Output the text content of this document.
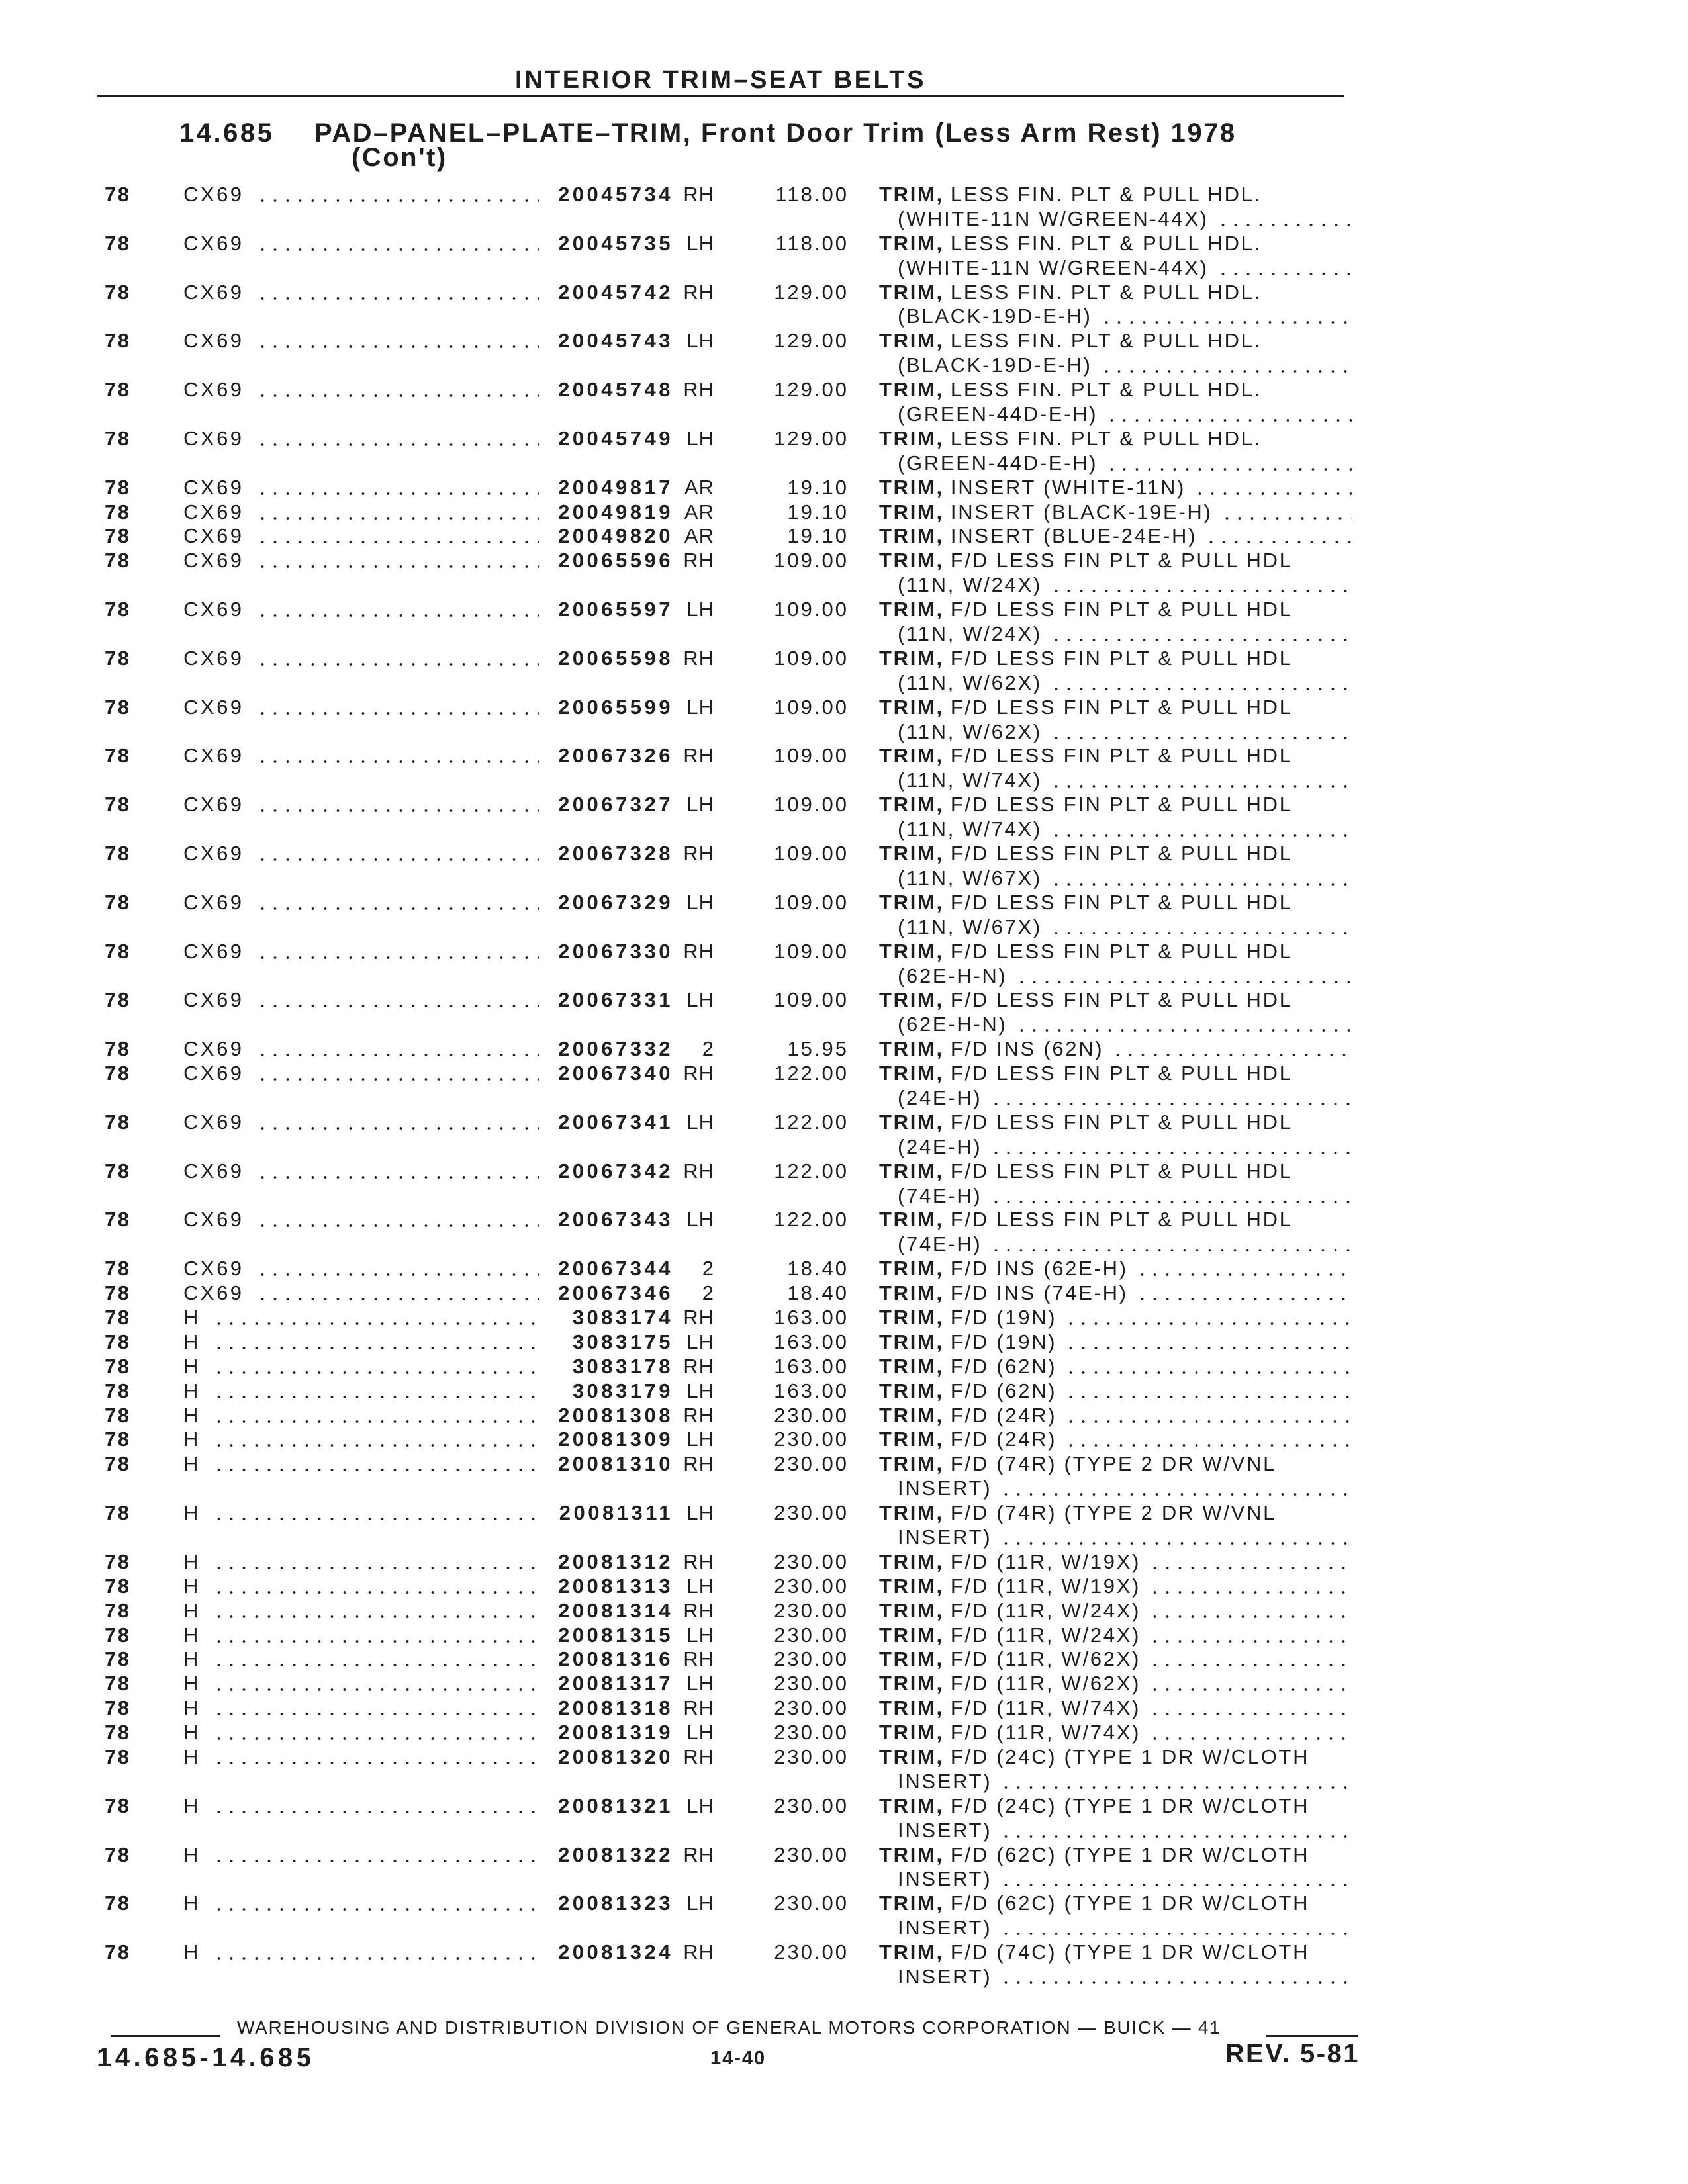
INTERIOR TRIM–SEAT BELTS
14.685 PAD–PANEL–PLATE–TRIM, Front Door Trim (Less Arm Rest) 1978
(Con't)
78	CX69	20045734 RH	118.00 TRIM, LESS FIN. PLT & PULL HDL.
(WHITE-11N W/GREEN-44X)
78	CX69	20045735 LH	118.00 TRIM, LESS FIN. PLT & PULL HDL.
(WHITE-11N W/GREEN-44X)
78	CX69	20045742 RH	129.00 TRIM, LESS FIN. PLT & PULL HDL.
(BLACK-19D-E-H)
78	CX69	20045743 LH	129.00 TRIM, LESS FIN. PLT & PULL HDL.
(BLACK-19D-E-H)
78	CX69	20045748 RH	129.00 TRIM, LESS FIN. PLT & PULL HDL.
(GREEN-44D-E-H)
78	CX69	20045749 LH	129.00 TRIM, LESS FIN. PLT & PULL HDL.
(GREEN-44D-E-H)
78	CX69	20049817 AR	19.10 TRIM, INSERT (WHITE-11N)
78	CX69	20049819 AR	19.10 TRIM, INSERT (BLACK-19E-H)
78	CX69	20049820 AR	19.10 TRIM, INSERT (BLUE-24E-H)
78	CX69	20065596 RH	109.00 TRIM, F/D LESS FIN PLT & PULL HDL
(11N, W/24X)
78	CX69	20065597 LH	109.00 TRIM, F/D LESS FIN PLT & PULL HDL
(11N, W/24X)
78	CX69	20065598 RH	109.00 TRIM, F/D LESS FIN PLT & PULL HDL
(11N, W/62X)
78	CX69	20065599 LH	109.00 TRIM, F/D LESS FIN PLT & PULL HDL
(11N, W/62X)
78	CX69	20067326 RH	109.00 TRIM, F/D LESS FIN PLT & PULL HDL
(11N, W/74X)
78	CX69	20067327 LH	109.00 TRIM, F/D LESS FIN PLT & PULL HDL
(11N, W/74X)
78	CX69	20067328 RH	109.00 TRIM, F/D LESS FIN PLT & PULL HDL
(11N, W/67X)
78	CX69	20067329 LH	109.00 TRIM, F/D LESS FIN PLT & PULL HDL
(11N, W/67X)
78	CX69	20067330 RH	109.00 TRIM, F/D LESS FIN PLT & PULL HDL
(62E-H-N)
78	CX69	20067331 LH	109.00 TRIM, F/D LESS FIN PLT & PULL HDL
(62E-H-N)
78	CX69	20067332 2	15.95 TRIM, F/D INS (62N)
78	CX69	20067340 RH	122.00 TRIM, F/D LESS FIN PLT & PULL HDL
(24E-H)
78	CX69	20067341 LH	122.00 TRIM, F/D LESS FIN PLT & PULL HDL
(24E-H)
78	CX69	20067342 RH	122.00 TRIM, F/D LESS FIN PLT & PULL HDL
(74E-H)
78	CX69	20067343 LH	122.00 TRIM, F/D LESS FIN PLT & PULL HDL
(74E-H)
78	CX69	20067344 2	18.40 TRIM, F/D INS (62E-H)
78	CX69	20067346 2	18.40 TRIM, F/D INS (74E-H)
78	H	3083174 RH	163.00 TRIM, F/D (19N)
78	H	3083175 LH	163.00 TRIM, F/D (19N)
78	H	3083178 RH	163.00 TRIM, F/D (62N)
78	H	3083179 LH	163.00 TRIM, F/D (62N)
78	H	20081308 RH	230.00 TRIM, F/D (24R)
78	H	20081309 LH	230.00 TRIM, F/D (24R)
78	H	20081310 RH	230.00 TRIM, F/D (74R) (TYPE 2 DR W/VNL
INSERT)
78	H	20081311 LH	230.00 TRIM, F/D (74R) (TYPE 2 DR W/VNL
INSERT)
78	H	20081312 RH	230.00 TRIM, F/D (11R, W/19X)
78	H	20081313 LH	230.00 TRIM, F/D (11R, W/19X)
78	H	20081314 RH	230.00 TRIM, F/D (11R, W/24X)
78	H	20081315 LH	230.00 TRIM, F/D (11R, W/24X)
78	H	20081316 RH	230.00 TRIM, F/D (11R, W/62X)
78	H	20081317 LH	230.00 TRIM, F/D (11R, W/62X)
78	H	20081318 RH	230.00 TRIM, F/D (11R, W/74X)
78	H	20081319 LH	230.00 TRIM, F/D (11R, W/74X)
78	H	20081320 RH	230.00 TRIM, F/D (24C) (TYPE 1 DR W/CLOTH
INSERT)
78	H	20081321 LH	230.00 TRIM, F/D (24C) (TYPE 1 DR W/CLOTH
INSERT)
78	H	20081322 RH	230.00 TRIM, F/D (62C) (TYPE 1 DR W/CLOTH
INSERT)
78	H	20081323 LH	230.00 TRIM, F/D (62C) (TYPE 1 DR W/CLOTH
INSERT)
78	H	20081324 RH	230.00 TRIM, F/D (74C) (TYPE 1 DR W/CLOTH
INSERT)
WAREHOUSING AND DISTRIBUTION DIVISION OF GENERAL MOTORS CORPORATION — BUICK — 41
14.685-14.685	14-40	REV. 5-81
